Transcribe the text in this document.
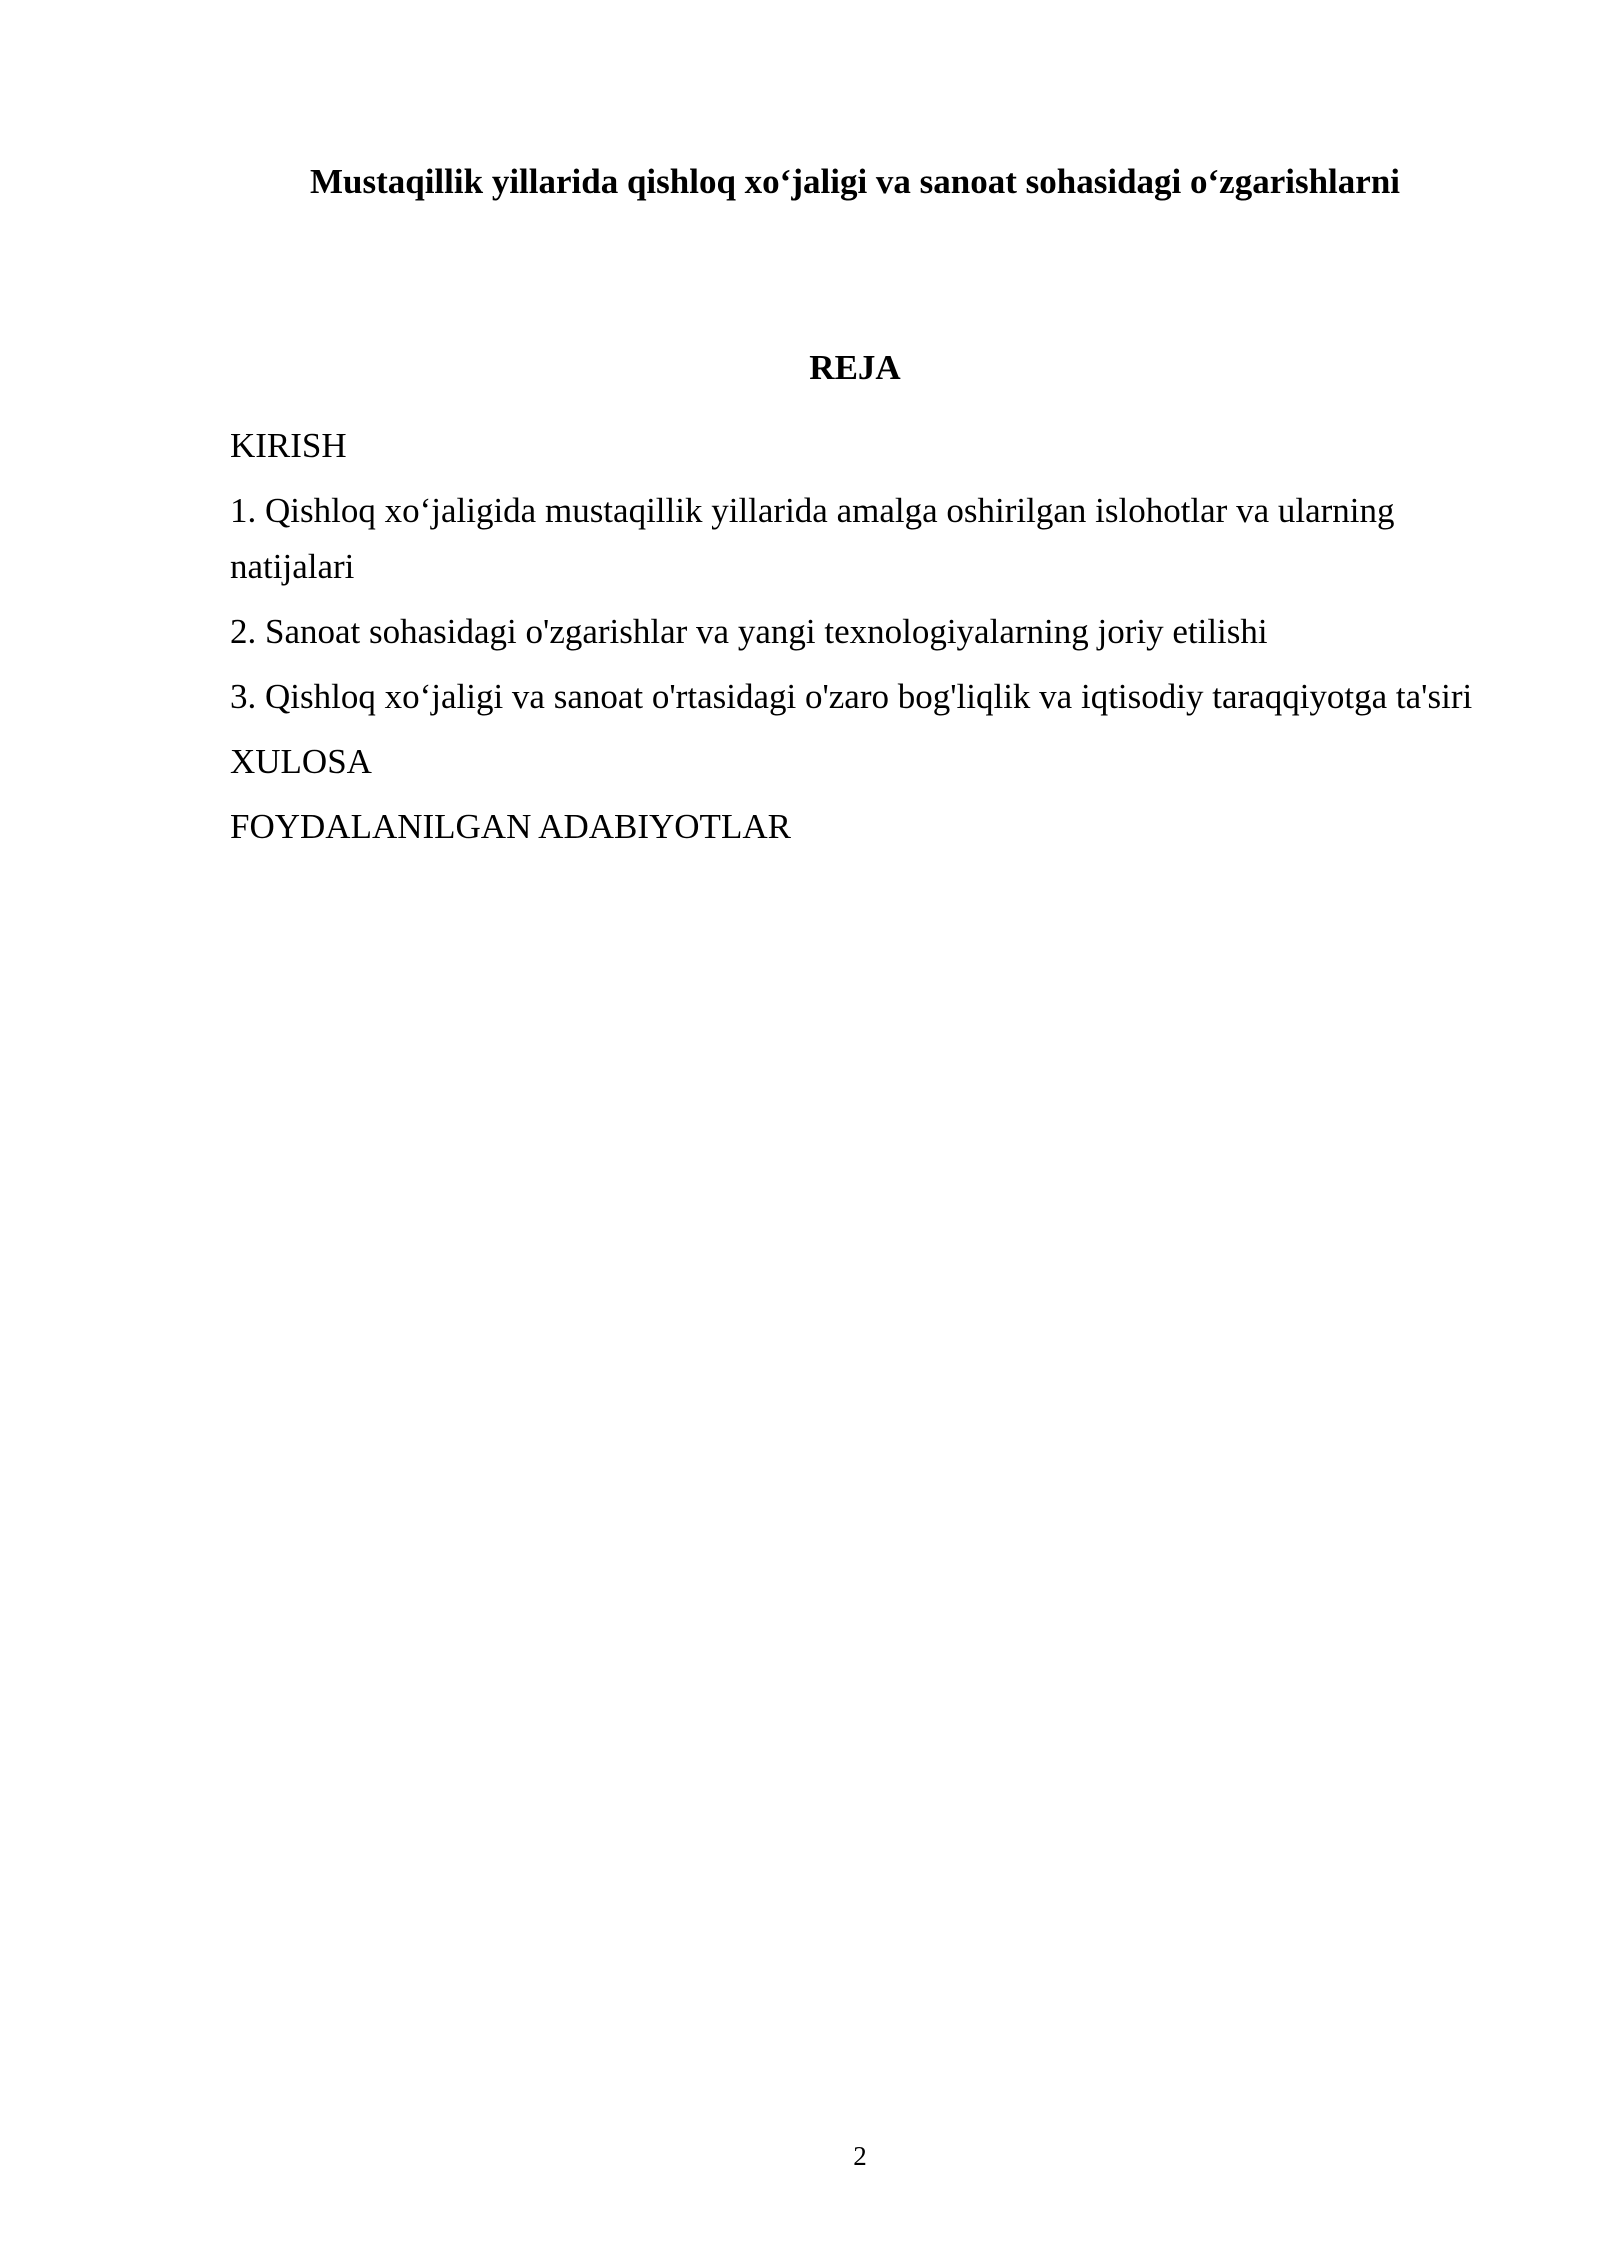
Mustaqillik yillarida qishloq xo‘jaligi va sanoat sohasidagi o‘zgarishlarni
REJA
KIRISH
1. Qishloq xo‘jaligida mustaqillik yillarida amalga oshirilgan islohotlar va ularning natijalari
2. Sanoat sohasidagi o'zgarishlar va yangi texnologiyalarning joriy etilishi
3. Qishloq xo‘jaligi va sanoat o'rtasidagi o'zaro bog'liqlik va iqtisodiy taraqqiyotga ta'siri
XULOSA
FOYDALANILGAN ADABIYOTLAR
2
